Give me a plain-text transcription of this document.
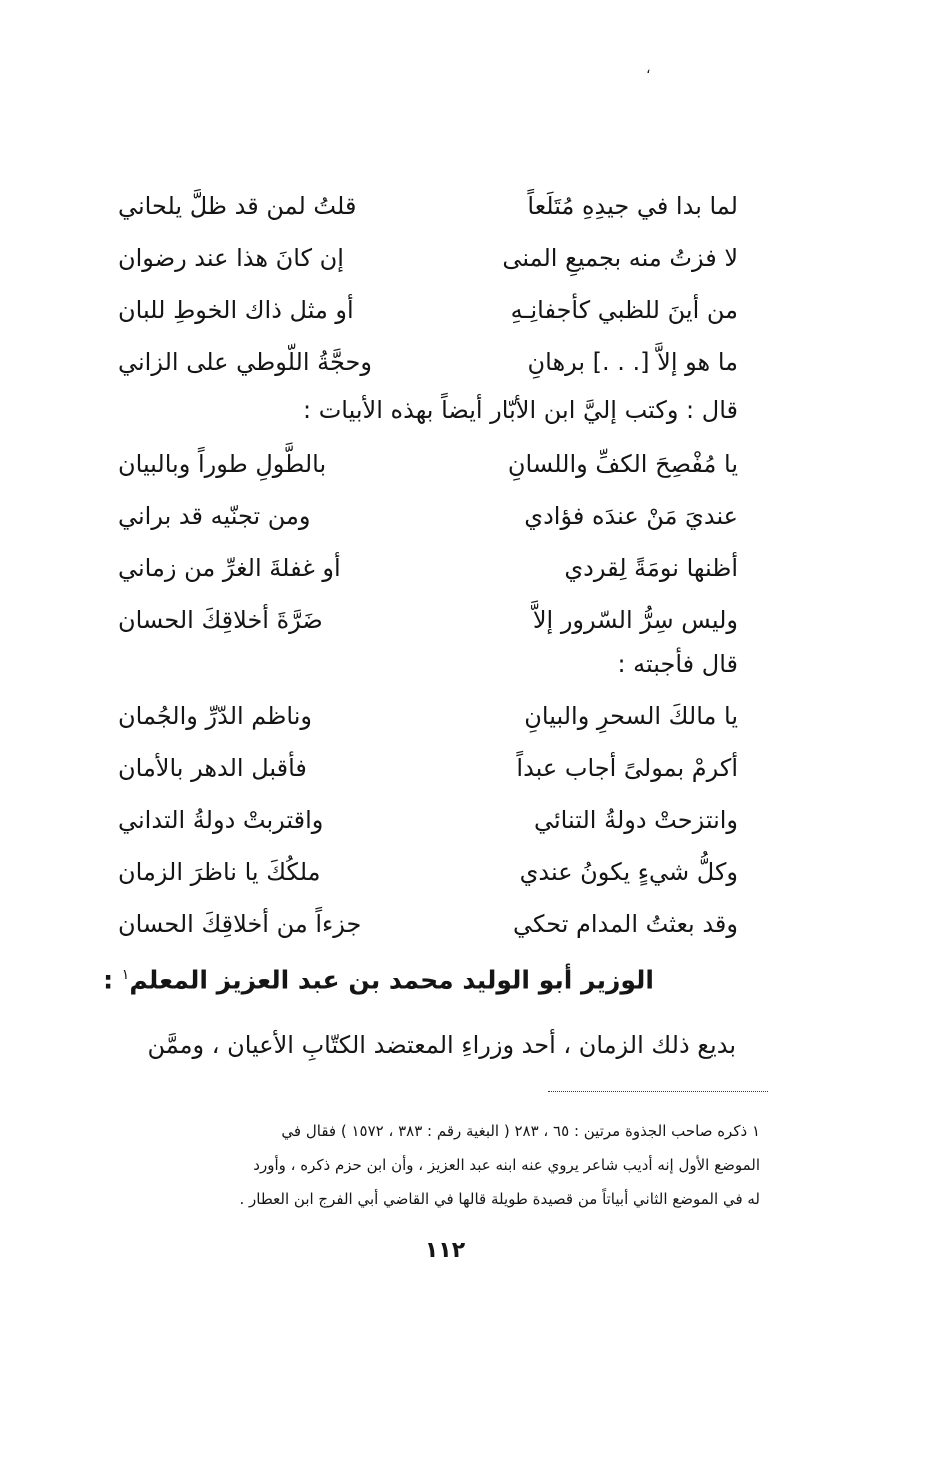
،
لما بدا في جيدِهِ مُتَلَعاً
قلتُ لمن قد ظلَّ يلحاني
لا فزتُ منه بجميعِ المنى
إن كانَ هذا عند رضوان
من أينَ للظبي كأجفانِـهِ
أو مثل ذاك الخوطِ للبان
ما هو إلاَّ [. . .] برهانِ
وحجَّةُ اللّوطي على الزاني
قال : وكتب إليَّ ابن الأبّار أيضاً بهذه الأبيات :
يا مُفْصِحَ الكفِّ واللسانِ
بالطَّولِ طوراً وبالبيان
عنديَ مَنْ عندَه فؤادي
ومن تجنّيه قد براني
أظنها نومَةً لِقردي
أو غفلةَ الغرِّ من زماني
وليس سِرُّ السّرور إلاَّ
ضَرَّةَ أخلاقِكَ الحسان
قال فأجبته :
يا مالكَ السحرِ والبيانِ
وناظم الدّرِّ والجُمان
أكرمْ بمولىً أجاب عبداً
فأقبل الدهر بالأمان
وانتزحتْ دولةُ التنائي
واقتربتْ دولةُ التداني
وكلُّ شيءٍ يكونُ عندي
ملكُكَ يا ناظرَ الزمان
وقد بعثتُ المدام تحكي
جزءاً من أخلاقِكَ الحسان
الوزير أبو الوليد محمد بن عبد العزيز المعلم$^١$ :
بديع ذلك الزمان ، أحد وزراءِ المعتضد الكتّابِ الأعيان ، وممَّن
١ ذكره صاحب الجذوة مرتين : ٦٥ ، ٢٨٣ ( البغية رقم : ٣٨٣ ، ١٥٧٢ ) فقال في
الموضع الأول إنه أديب شاعر يروي عنه ابنه عبد العزيز ، وأن ابن حزم ذكره ، وأورد
له في الموضع الثاني أبياتاً من قصيدة طويلة قالها في القاضي أبي الفرج ابن العطار .
١١٢
